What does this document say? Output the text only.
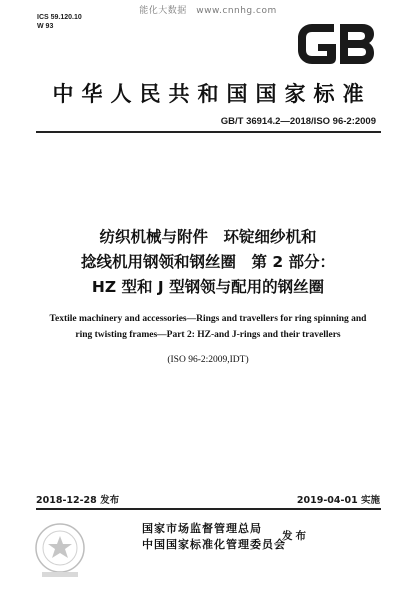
能化大数据　www.cnnhg.com
ICS 59.120.10
W 93
中华人民共和国国家标准
GB/T 36914.2—2018/ISO 96-2:2009
纺织机械与附件　环锭细纱机和
捻线机用钢领和钢丝圈　第 2 部分：
HZ 型和 J 型钢领与配用的钢丝圈
Textile machinery and accessories—Rings and travellers for ring spinning and
ring twisting frames—Part 2: HZ-and J-rings and their travellers
(ISO 96-2:2009,IDT)
2018-12-28 发布	2019-04-01 实施
国家市场监督管理总局
中国国家标准化管理委员会
发布
